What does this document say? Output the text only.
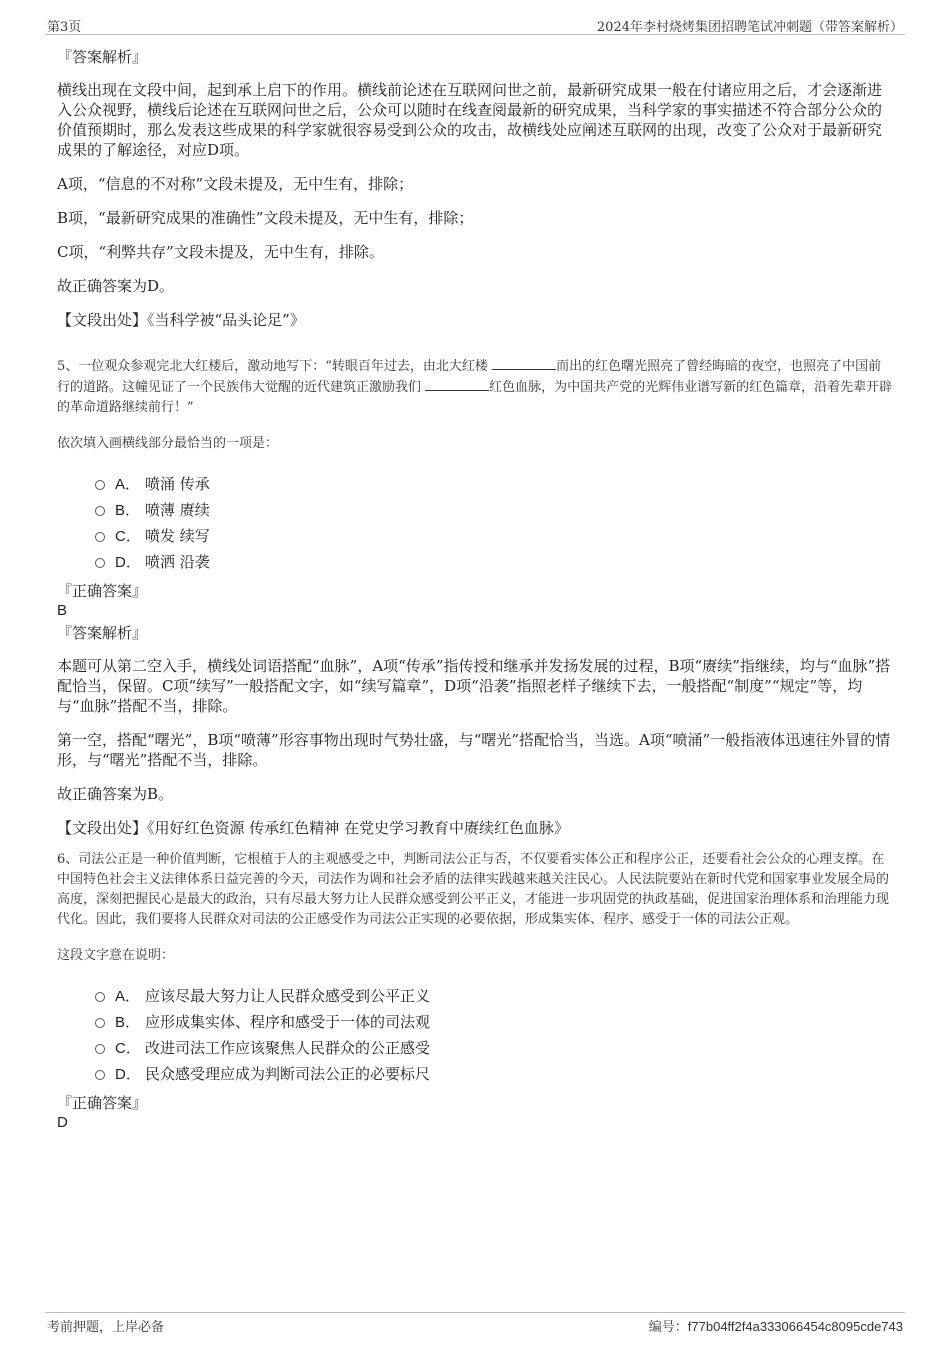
第3页	2024年李村烧烤集团招聘笔试冲刺题（带答案解析）

『答案解析』

横线出现在文段中间，起到承上启下的作用。横线前论述在互联网问世之前，最新研究成果一般在付诸应用之后，才会逐渐进入公众视野，横线后论述在互联网问世之后，公众可以随时在线查阅最新的研究成果，当科学家的事实描述不符合部分公众的价值预期时，那么发表这些成果的科学家就很容易受到公众的攻击，故横线处应阐述互联网的出现，改变了公众对于最新研究成果的了解途径，对应D项。

A项，“信息的不对称”文段未提及，无中生有，排除；

B项，“最新研究成果的准确性”文段未提及，无中生有，排除；

C项，“利弊共存”文段未提及，无中生有，排除。

故正确答案为D。

【文段出处】《当科学被“品头论足”》

5、一位观众参观完北大红楼后，激动地写下：“转眼百年过去，由北大红楼	而出的红色曙光照亮了曾经晦暗的夜空，也照亮了中国前行的道路。这幢见证了一个民族伟大觉醒的近代建筑正激励我们	红色血脉，为中国共产党的光辉伟业谱写新的红色篇章，沿着先辈开辟的革命道路继续前行！”

依次填入画横线部分最恰当的一项是：

A． 喷涌 传承
B． 喷薄 赓续
C． 喷发 续写
D． 喷洒 沿袭

『正确答案』

B

『答案解析』

本题可从第二空入手，横线处词语搭配“血脉”，A项“传承”指传授和继承并发扬发展的过程，B项“赓续”指继续，均与“血脉”搭配恰当，保留。C项“续写”一般搭配文字，如“续写篇章”，D项“沿袭”指照老样子继续下去，一般搭配“制度”“规定”等，均与“血脉”搭配不当，排除。

第一空，搭配“曙光”，B项“喷薄”形容事物出现时气势壮盛，与“曙光”搭配恰当，当选。A项“喷涌”一般指液体迅速往外冒的情形，与“曙光”搭配不当，排除。

故正确答案为B。

【文段出处】《用好红色资源 传承红色精神 在党史学习教育中赓续红色血脉》

6、司法公正是一种价值判断，它根植于人的主观感受之中，判断司法公正与否，不仅要看实体公正和程序公正，还要看社会公众的心理支撑。在中国特色社会主义法律体系日益完善的今天，司法作为调和社会矛盾的法律实践越来越关注民心。人民法院要站在新时代党和国家事业发展全局的高度，深刻把握民心是最大的政治，只有尽最大努力让人民群众感受到公平正义，才能进一步巩固党的执政基础，促进国家治理体系和治理能力现代化。因此，我们要将人民群众对司法的公正感受作为司法公正实现的必要依据，形成集实体、程序、感受于一体的司法公正观。

这段文字意在说明：

A． 应该尽最大努力让人民群众感受到公平正义
B． 应形成集实体、程序和感受于一体的司法观
C． 改进司法工作应该聚焦人民群众的公正感受
D． 民众感受理应成为判断司法公正的必要标尺

『正确答案』

D

考前押题，上岸必备	编号：f77b04ff2f4a333066454c8095cde743
